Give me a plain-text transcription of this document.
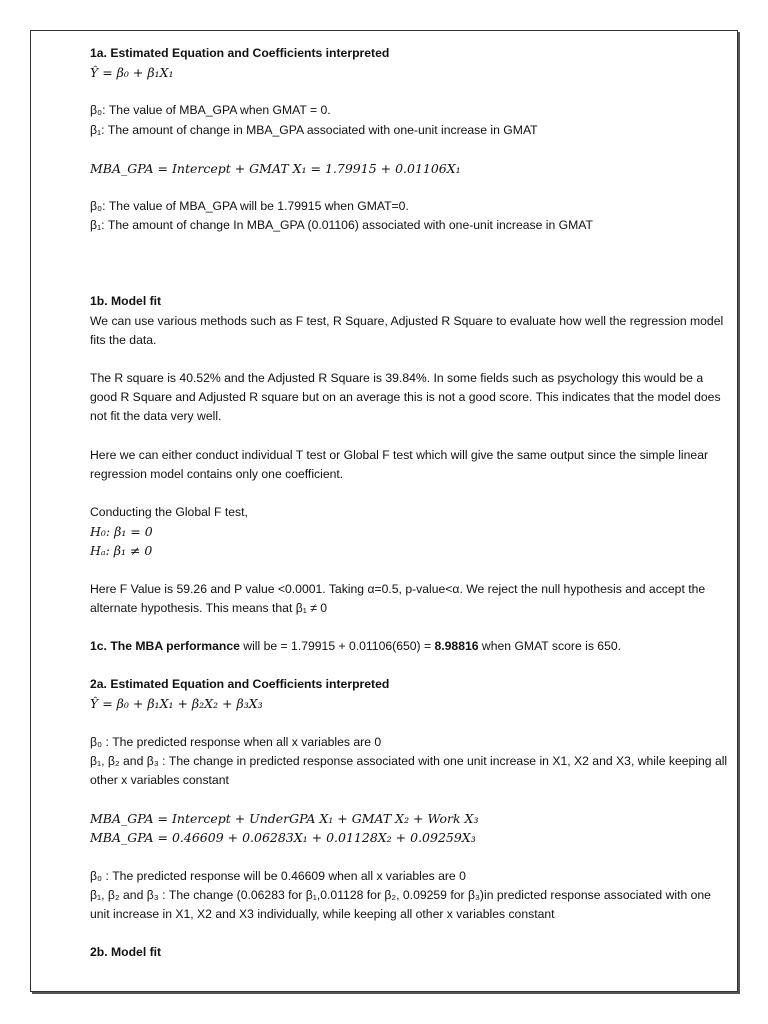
1a. Estimated Equation and Coefficients interpreted
Ŷ = β₀ + β₁X₁
β₀: The value of MBA_GPA when GMAT = 0.
β₁: The amount of change in MBA_GPA associated with one-unit increase in GMAT
MBA_GPA = Intercept + GMAT X₁ = 1.79915 + 0.01106X₁
β₀: The value of MBA_GPA will be 1.79915 when GMAT=0.
β₁: The amount of change In MBA_GPA (0.01106) associated with one-unit increase in GMAT
1b. Model fit
We can use various methods such as F test, R Square, Adjusted R Square to evaluate how well the regression model fits the data.
The R square is 40.52% and the Adjusted R Square is 39.84%. In some fields such as psychology this would be a good R Square and Adjusted R square but on an average this is not a good score. This indicates that the model does not fit the data very well.
Here we can either conduct individual T test or Global F test which will give the same output since the simple linear regression model contains only one coefficient.
Conducting the Global F test,
H₀: β₁ = 0
Hₐ: β₁ ≠ 0
Here F Value is 59.26 and P value <0.0001. Taking α=0.5, p-value<α. We reject the null hypothesis and accept the alternate hypothesis. This means that β₁ ≠ 0
1c. The MBA performance will be = 1.79915 + 0.01106(650) = 8.98816 when GMAT score is 650.
2a. Estimated Equation and Coefficients interpreted
Ŷ = β₀ + β₁X₁ + β₂X₂ + β₃X₃
β₀ : The predicted response when all x variables are 0
β₁, β₂ and β₃ : The change in predicted response associated with one unit increase in X1, X2 and X3, while keeping all other x variables constant
MBA_GPA = Intercept + UnderGPA X₁ + GMAT X₂ + Work X₃
MBA_GPA = 0.46609 + 0.06283X₁ + 0.01128X₂ + 0.09259X₃
β₀ : The predicted response will be 0.46609 when all x variables are 0
β₁, β₂ and β₃ : The change (0.06283 for β₁,0.01128 for β₂, 0.09259 for β₃)in predicted response associated with one unit increase in X1, X2 and X3 individually, while keeping all other x variables constant
2b. Model fit
